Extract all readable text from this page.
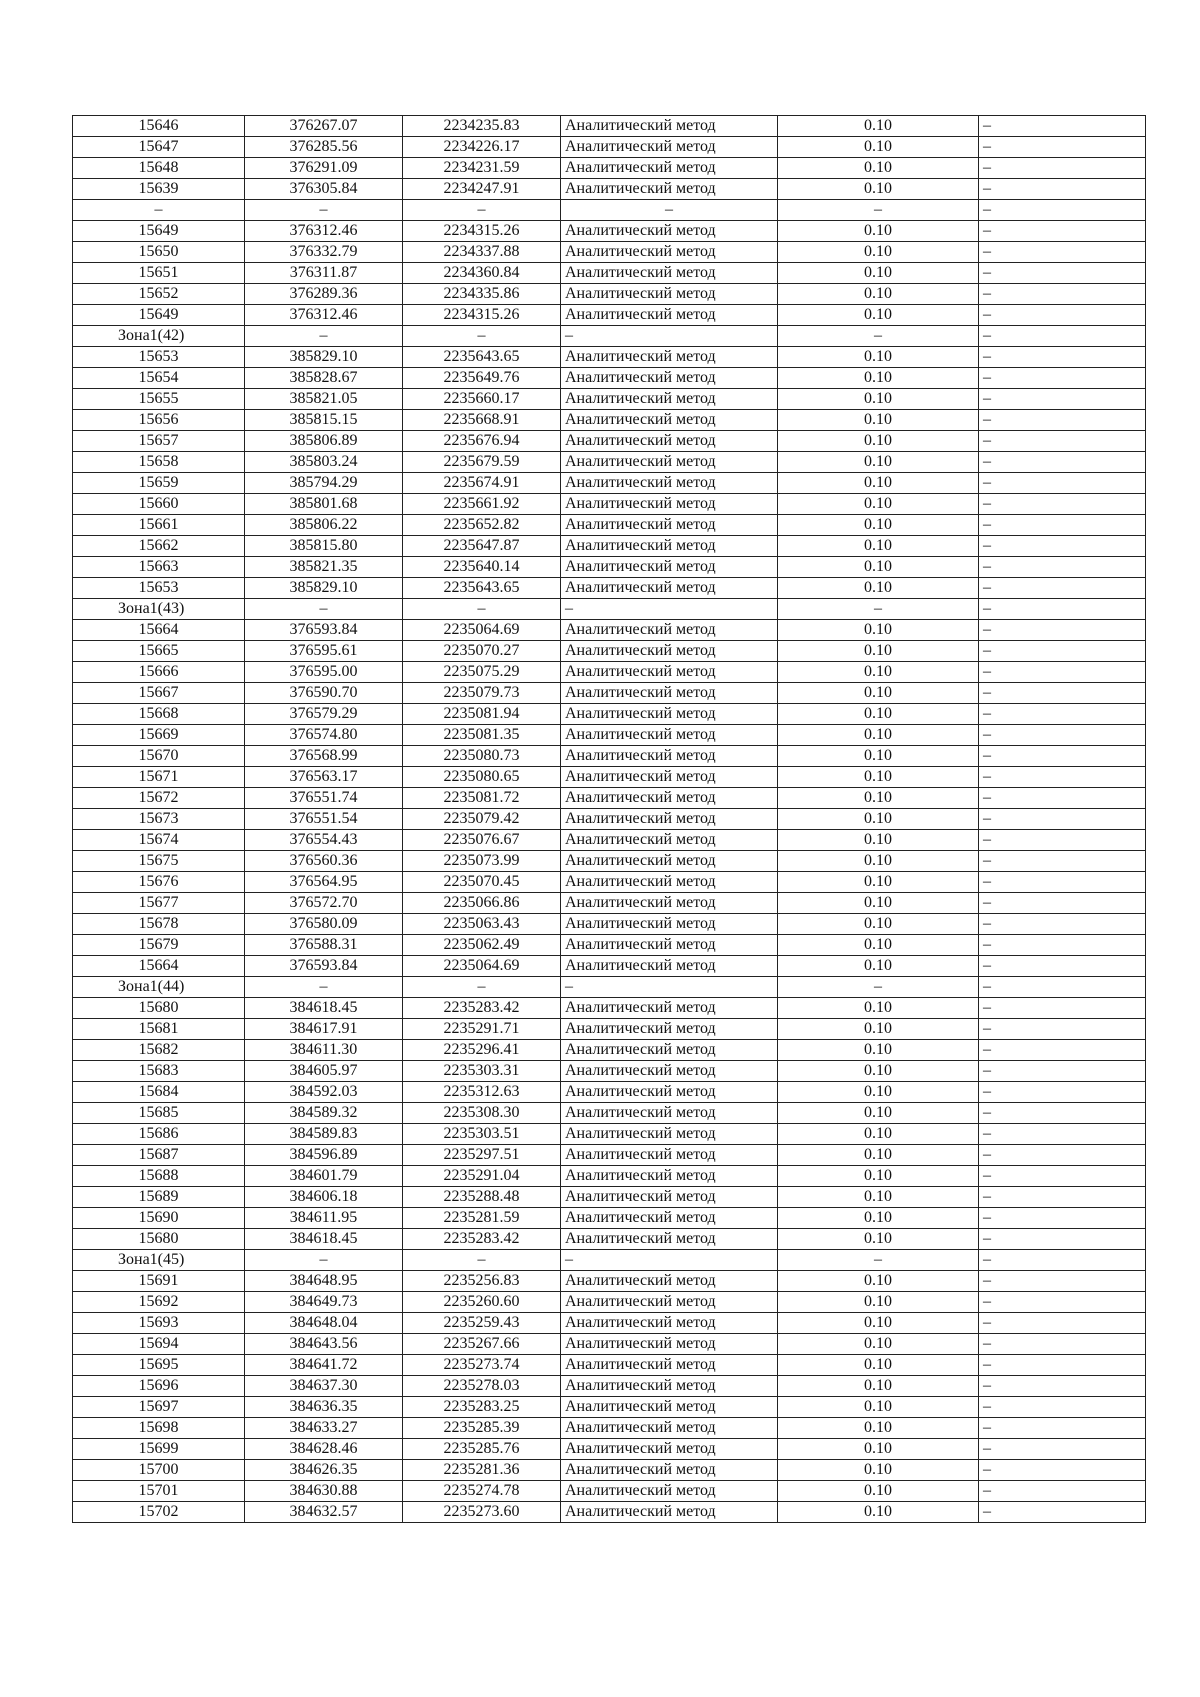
15646	376267.07	2234235.83	Аналитический метод	0.10	–
15647	376285.56	2234226.17	Аналитический метод	0.10	–
15648	376291.09	2234231.59	Аналитический метод	0.10	–
15639	376305.84	2234247.91	Аналитический метод	0.10	–
–	–	–	–	–	–
15649	376312.46	2234315.26	Аналитический метод	0.10	–
15650	376332.79	2234337.88	Аналитический метод	0.10	–
15651	376311.87	2234360.84	Аналитический метод	0.10	–
15652	376289.36	2234335.86	Аналитический метод	0.10	–
15649	376312.46	2234315.26	Аналитический метод	0.10	–
Зона1(42)	–	–	–	–	–
15653	385829.10	2235643.65	Аналитический метод	0.10	–
15654	385828.67	2235649.76	Аналитический метод	0.10	–
15655	385821.05	2235660.17	Аналитический метод	0.10	–
15656	385815.15	2235668.91	Аналитический метод	0.10	–
15657	385806.89	2235676.94	Аналитический метод	0.10	–
15658	385803.24	2235679.59	Аналитический метод	0.10	–
15659	385794.29	2235674.91	Аналитический метод	0.10	–
15660	385801.68	2235661.92	Аналитический метод	0.10	–
15661	385806.22	2235652.82	Аналитический метод	0.10	–
15662	385815.80	2235647.87	Аналитический метод	0.10	–
15663	385821.35	2235640.14	Аналитический метод	0.10	–
15653	385829.10	2235643.65	Аналитический метод	0.10	–
Зона1(43)	–	–	–	–	–
15664	376593.84	2235064.69	Аналитический метод	0.10	–
15665	376595.61	2235070.27	Аналитический метод	0.10	–
15666	376595.00	2235075.29	Аналитический метод	0.10	–
15667	376590.70	2235079.73	Аналитический метод	0.10	–
15668	376579.29	2235081.94	Аналитический метод	0.10	–
15669	376574.80	2235081.35	Аналитический метод	0.10	–
15670	376568.99	2235080.73	Аналитический метод	0.10	–
15671	376563.17	2235080.65	Аналитический метод	0.10	–
15672	376551.74	2235081.72	Аналитический метод	0.10	–
15673	376551.54	2235079.42	Аналитический метод	0.10	–
15674	376554.43	2235076.67	Аналитический метод	0.10	–
15675	376560.36	2235073.99	Аналитический метод	0.10	–
15676	376564.95	2235070.45	Аналитический метод	0.10	–
15677	376572.70	2235066.86	Аналитический метод	0.10	–
15678	376580.09	2235063.43	Аналитический метод	0.10	–
15679	376588.31	2235062.49	Аналитический метод	0.10	–
15664	376593.84	2235064.69	Аналитический метод	0.10	–
Зона1(44)	–	–	–	–	–
15680	384618.45	2235283.42	Аналитический метод	0.10	–
15681	384617.91	2235291.71	Аналитический метод	0.10	–
15682	384611.30	2235296.41	Аналитический метод	0.10	–
15683	384605.97	2235303.31	Аналитический метод	0.10	–
15684	384592.03	2235312.63	Аналитический метод	0.10	–
15685	384589.32	2235308.30	Аналитический метод	0.10	–
15686	384589.83	2235303.51	Аналитический метод	0.10	–
15687	384596.89	2235297.51	Аналитический метод	0.10	–
15688	384601.79	2235291.04	Аналитический метод	0.10	–
15689	384606.18	2235288.48	Аналитический метод	0.10	–
15690	384611.95	2235281.59	Аналитический метод	0.10	–
15680	384618.45	2235283.42	Аналитический метод	0.10	–
Зона1(45)	–	–	–	–	–
15691	384648.95	2235256.83	Аналитический метод	0.10	–
15692	384649.73	2235260.60	Аналитический метод	0.10	–
15693	384648.04	2235259.43	Аналитический метод	0.10	–
15694	384643.56	2235267.66	Аналитический метод	0.10	–
15695	384641.72	2235273.74	Аналитический метод	0.10	–
15696	384637.30	2235278.03	Аналитический метод	0.10	–
15697	384636.35	2235283.25	Аналитический метод	0.10	–
15698	384633.27	2235285.39	Аналитический метод	0.10	–
15699	384628.46	2235285.76	Аналитический метод	0.10	–
15700	384626.35	2235281.36	Аналитический метод	0.10	–
15701	384630.88	2235274.78	Аналитический метод	0.10	–
15702	384632.57	2235273.60	Аналитический метод	0.10	–
